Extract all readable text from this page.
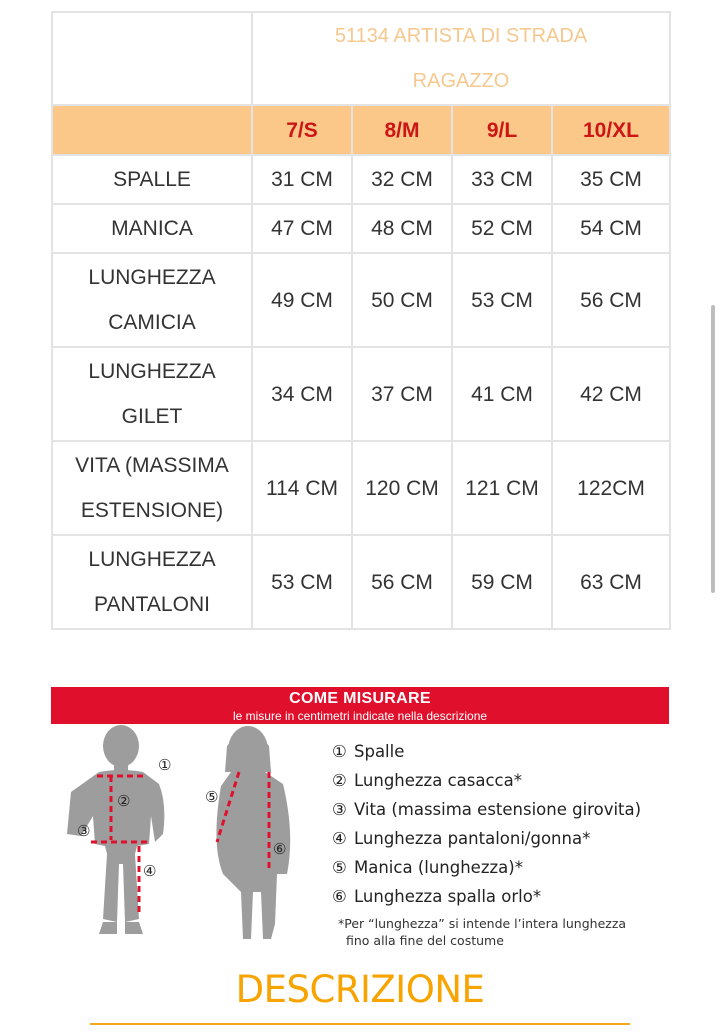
	51134 ARTISTA DI STRADA
RAGAZZO			

	7/S	8/M	9/L	10/XL

SPALLE	31 CM	32 CM	33 CM	35 CM

MANICA	47 CM	48 CM	52 CM	54 CM

LUNGHEZZA
CAMICIA	49 CM	50 CM	53 CM	56 CM

LUNGHEZZA
GILET	34 CM	37 CM	41 CM	42 CM

VITA (MASSIMA
ESTENSIONE)	114 CM	120 CM	121 CM	122CM

LUNGHEZZA
PANTALONI	53 CM	56 CM	59 CM	63 CM
COME MISURARE
le misure in centimetri indicate nella descrizione
①
②
③
④
⑤
⑥
① Spalle
② Lunghezza casacca*
③ Vita (massima estensione girovita)
④ Lunghezza pantaloni/gonna*
⑤ Manica (lunghezza)*
⑥ Lunghezza spalla orlo*
*Per “lunghezza” si intende l’intera lunghezza
fino alla fine del costume
DESCRIZIONE
